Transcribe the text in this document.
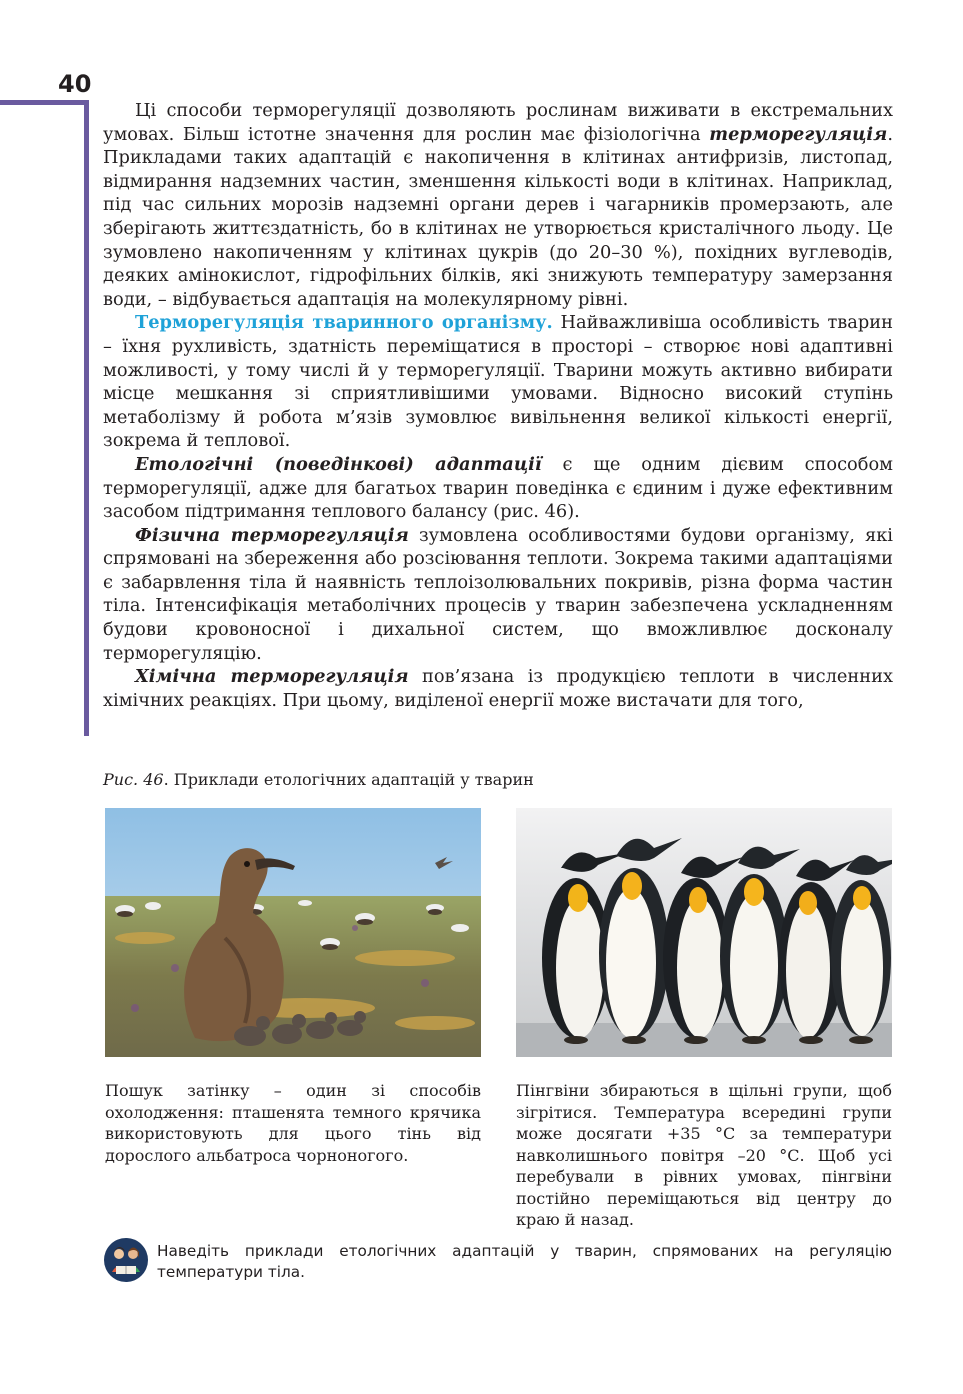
40

Ці способи терморегуляції дозволяють рослинам виживати в екстремальних умовах. Більш істотне значення для рослин має фізіологічна терморегуляція. Прикладами таких адаптацій є накопичення в клітинах антифризів, листопад, відмирання надземних частин, зменшення кількості води в клітинах. Наприклад, під час сильних морозів надземні органи дерев і чагарників промерзають, але зберігають життєздатність, бо в клітинах не утворюється кристалічного льоду. Це зумовлено накопиченням у клітинах цукрів (до 20–30 %), похідних вуглеводів, деяких амінокислот, гідрофільних білків, які знижують температуру замерзання води, – відбувається адаптація на молекулярному рівні.

Терморегуляція тваринного організму. Найважливіша особливість тварин – їхня рухливість, здатність переміщатися в просторі – створює нові адаптивні можливості, у тому числі й у терморегуляції. Тварини можуть активно вибирати місце мешкання зі сприятливішими умовами. Відносно високий ступінь метаболізму й робота м’язів зумовлює вивільнення великої кількості енергії, зокрема й теплової.

Етологічні (поведінкові) адаптації є ще одним дієвим способом терморегуляції, адже для багатьох тварин поведінка є єдиним і дуже ефективним засобом підтримання теплового балансу (рис. 46).

Фізична терморегуляція зумовлена особливостями будови організму, які спрямовані на збереження або розсіювання теплоти. Зокрема такими адаптаціями є забарвлення тіла й наявність теплоізолювальних покривів, різна форма частин тіла. Інтенсифікація метаболічних процесів у тварин забезпечена ускладненням будови кровоносної і дихальної систем, що вможливлює досконалу терморегуляцію.

Хімічна терморегуляція пов’язана із продукцією теплоти в численних хімічних реакціях. При цьому, виділеної енергії може вистачати для того,

Рис. 46. Приклади етологічних адаптацій у тварин
Пошук затінку – один зі способів охолодження: пташенята темного крячика використовують для цього тінь від дорослого альбатроса чорноногого.
Пінгвіни збираються в щільні групи, щоб зігрітися. Температура всередині групи може досягати +35 °С за температури навколишнього повітря –20 °С. Щоб усі перебували в рівних умовах, пінгвіни постійно переміщаються від центру до краю й назад.
Наведіть приклади етологічних адаптацій у тварин, спрямованих на регуляцію температури тіла.
